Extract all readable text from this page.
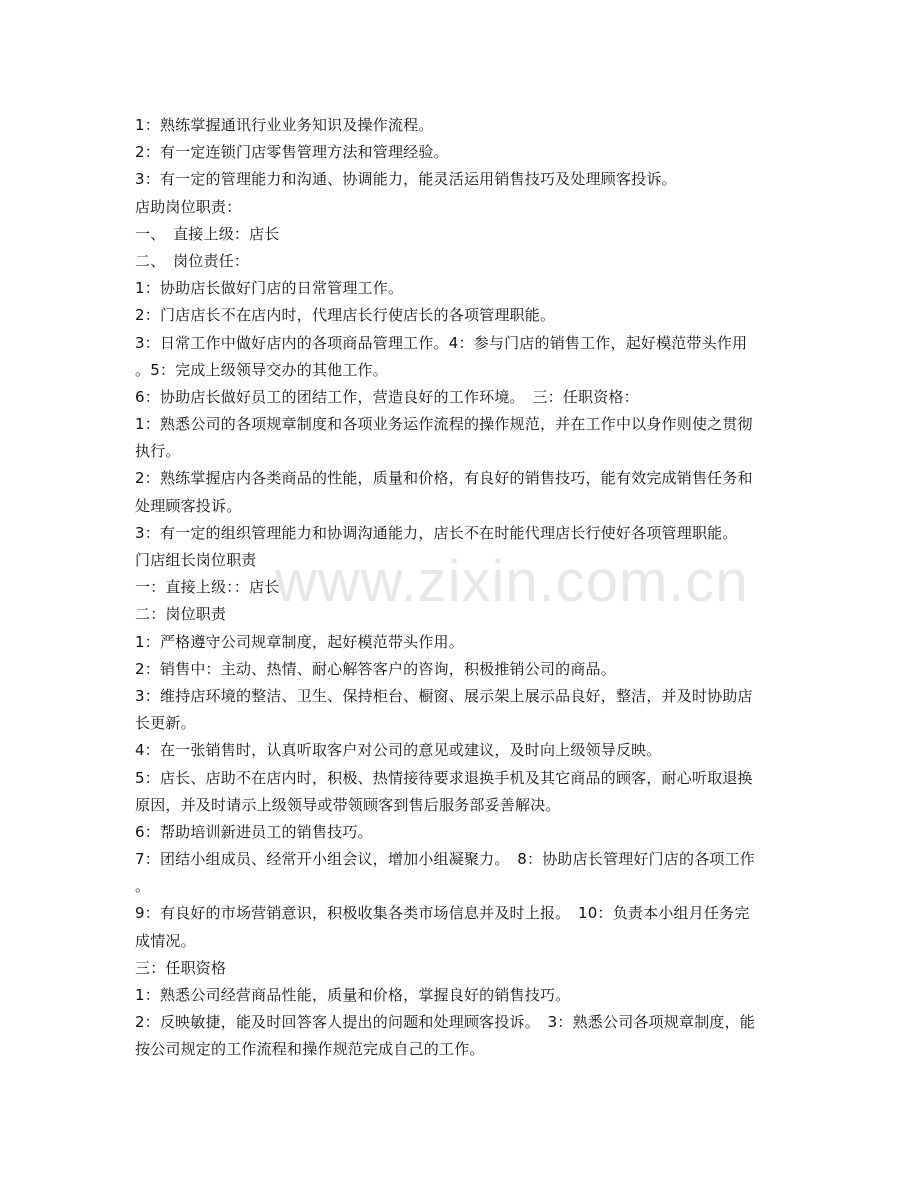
1：熟练掌握通讯行业业务知识及操作流程。
2：有一定连锁门店零售管理方法和管理经验。
3：有一定的管理能力和沟通、协调能力，能灵活运用销售技巧及处理顾客投诉。
店助岗位职责：
一、　直接上级：店长
二、　岗位责任：
1：协助店长做好门店的日常管理工作。
2：门店店长不在店内时，代理店长行使店长的各项管理职能。
3：日常工作中做好店内的各项商品管理工作。4：参与门店的销售工作，起好模范带头作用
。5：完成上级领导交办的其他工作。
6：协助店长做好员工的团结工作，营造良好的工作环境。　三：任职资格：
1：熟悉公司的各项规章制度和各项业务运作流程的操作规范，并在工作中以身作则使之贯彻
执行。
2：熟练掌握店内各类商品的性能，质量和价格，有良好的销售技巧，能有效完成销售任务和
处理顾客投诉。
3：有一定的组织管理能力和协调沟通能力，店长不在时能代理店长行使好各项管理职能。
门店组长岗位职责
一：直接上级：：店长
二：岗位职责
1：严格遵守公司规章制度，起好模范带头作用。
2：销售中：主动、热情、耐心解答客户的咨询，积极推销公司的商品。
3：维持店环境的整洁、卫生、保持柜台、橱窗、展示架上展示品良好，整洁，并及时协助店
长更新。
4：在一张销售时，认真听取客户对公司的意见或建议，及时向上级领导反映。
5：店长、店助不在店内时，积极、热情接待要求退换手机及其它商品的顾客，耐心听取退换
原因，并及时请示上级领导或带领顾客到售后服务部妥善解决。
6：帮助培训新进员工的销售技巧。
7：团结小组成员、经常开小组会议，增加小组凝聚力。　8：协助店长管理好门店的各项工作
。
9：有良好的市场营销意识，积极收集各类市场信息并及时上报。　10：负责本小组月任务完
成情况。
三：任职资格
1：熟悉公司经营商品性能，质量和价格，掌握良好的销售技巧。
2：反映敏捷，能及时回答客人提出的问题和处理顾客投诉。　3：熟悉公司各项规章制度，能
按公司规定的工作流程和操作规范完成自己的工作。
www.zixin.com.cn
